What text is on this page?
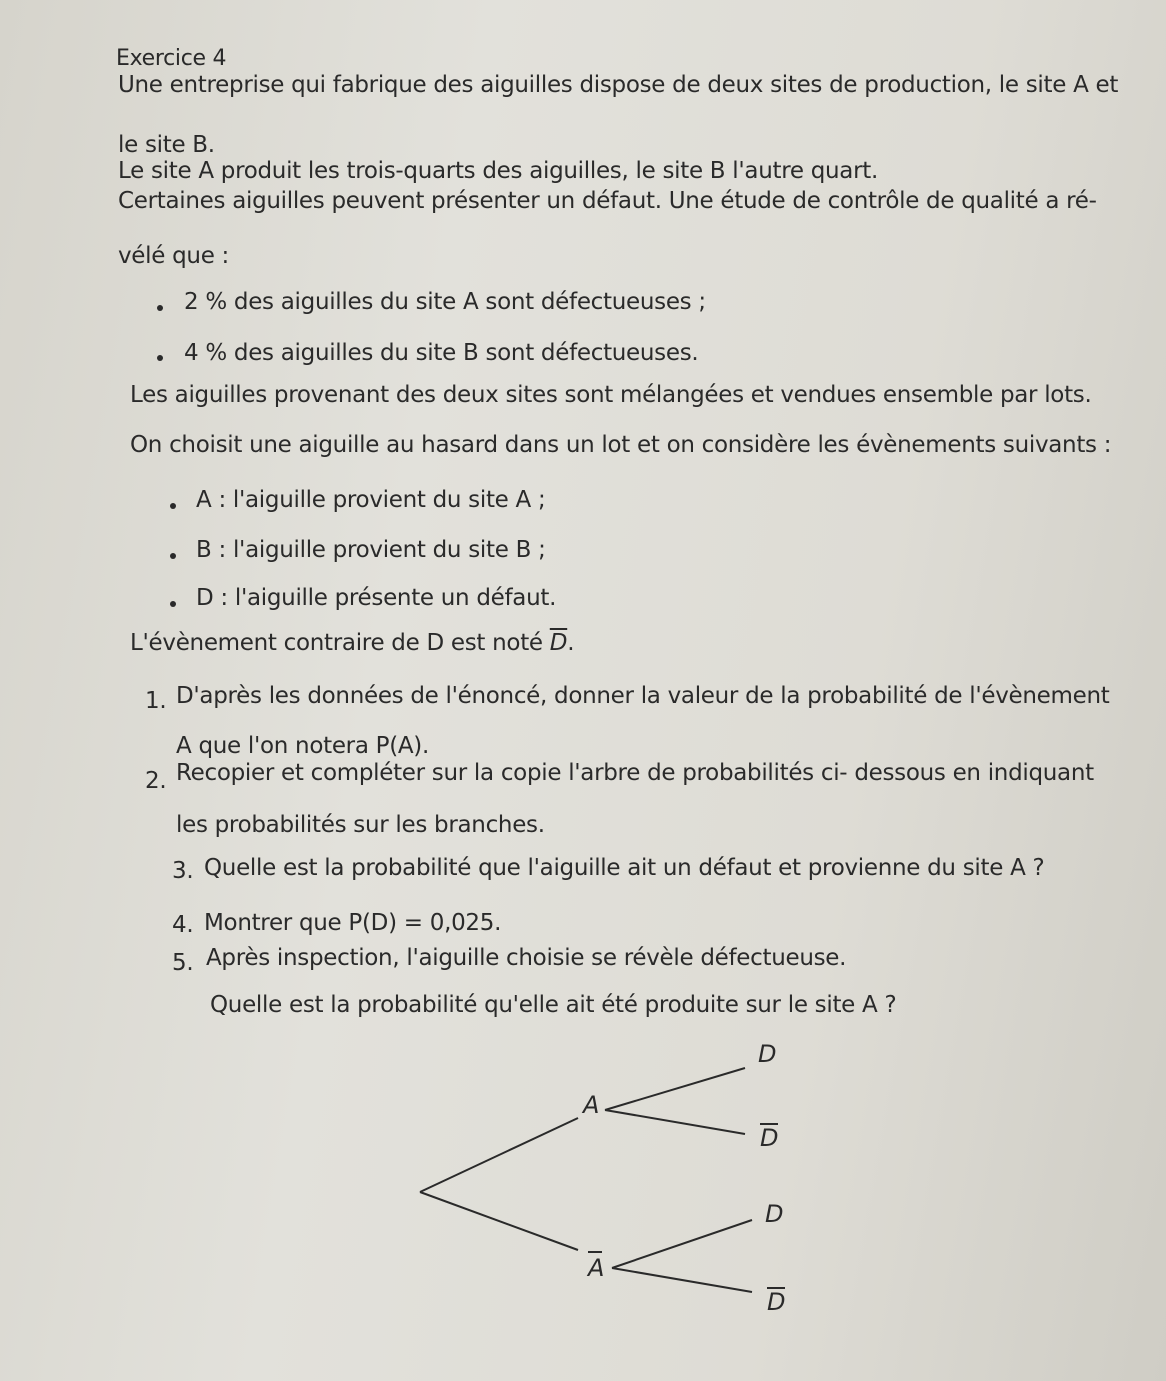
Exercice 4
Une entreprise qui fabrique des aiguilles dispose de deux sites de production, le site A et
le site B.
Le site A produit les trois-quarts des aiguilles, le site B l'autre quart.
Certaines aiguilles peuvent présenter un défaut. Une étude de contrôle de qualité a ré-
vélé que :
2 % des aiguilles du site A sont défectueuses ;
4 % des aiguilles du site B sont défectueuses.
Les aiguilles provenant des deux sites sont mélangées et vendues ensemble par lots.
On choisit une aiguille au hasard dans un lot et on considère les évènements suivants :
A : l'aiguille provient du site A ;
B : l'aiguille provient du site B ;
D : l'aiguille présente un défaut.
L'évènement contraire de D est noté $\overline{D}$.
1. D'après les données de l'énoncé, donner la valeur de la probabilité de l'évènement
A que l'on notera P(A).
2. Recopier et compléter sur la copie l'arbre de probabilités ci- dessous en indiquant
les probabilités sur les branches.
3. Quelle est la probabilité que l'aiguille ait un défaut et provienne du site A ?
4. Montrer que P(D) = 0,025.
5. Après inspection, l'aiguille choisie se révèle défectueuse.
Quelle est la probabilité qu'elle ait été produite sur le site A ?
A
A
D
D
D
D
